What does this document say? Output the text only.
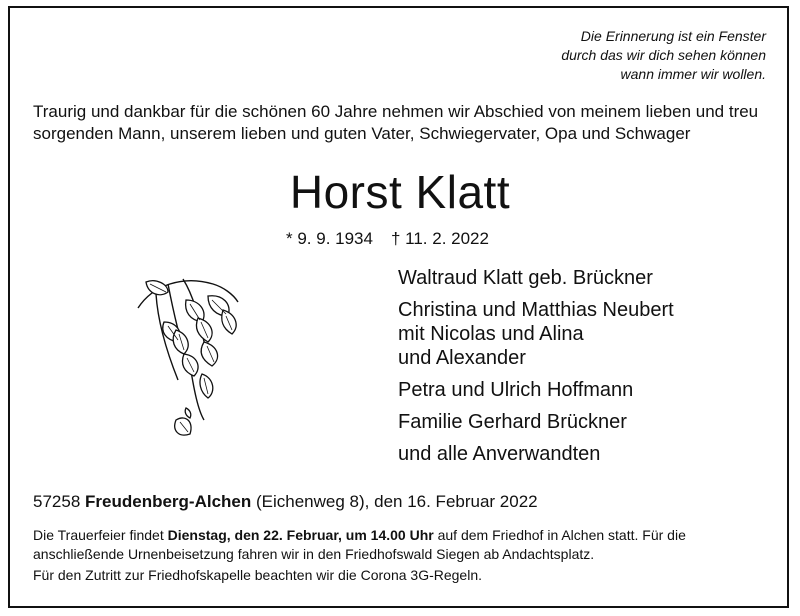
Die Erinnerung ist ein Fenster
durch das wir dich sehen können
wann immer wir wollen.
Traurig und dankbar für die schönen 60 Jahre nehmen wir Abschied von meinem lieben und treu sorgenden Mann, unserem lieben und guten Vater, Schwiegervater, Opa und Schwager
Horst Klatt
* 9. 9. 1934 † 11. 2. 2022
Waltraud Klatt geb. Brückner
Christina und Matthias Neubert
mit Nicolas und Alina
und Alexander
Petra und Ulrich Hoffmann
Familie Gerhard Brückner
und alle Anverwandten
57258 Freudenberg-Alchen (Eichenweg 8), den 16. Februar 2022
Die Trauerfeier findet Dienstag, den 22. Februar, um 14.00 Uhr auf dem Friedhof in Alchen statt. Für die anschließende Urnenbeisetzung fahren wir in den Friedhofswald Siegen ab Andachtsplatz.
Für den Zutritt zur Friedhofskapelle beachten wir die Corona 3G-Regeln.
